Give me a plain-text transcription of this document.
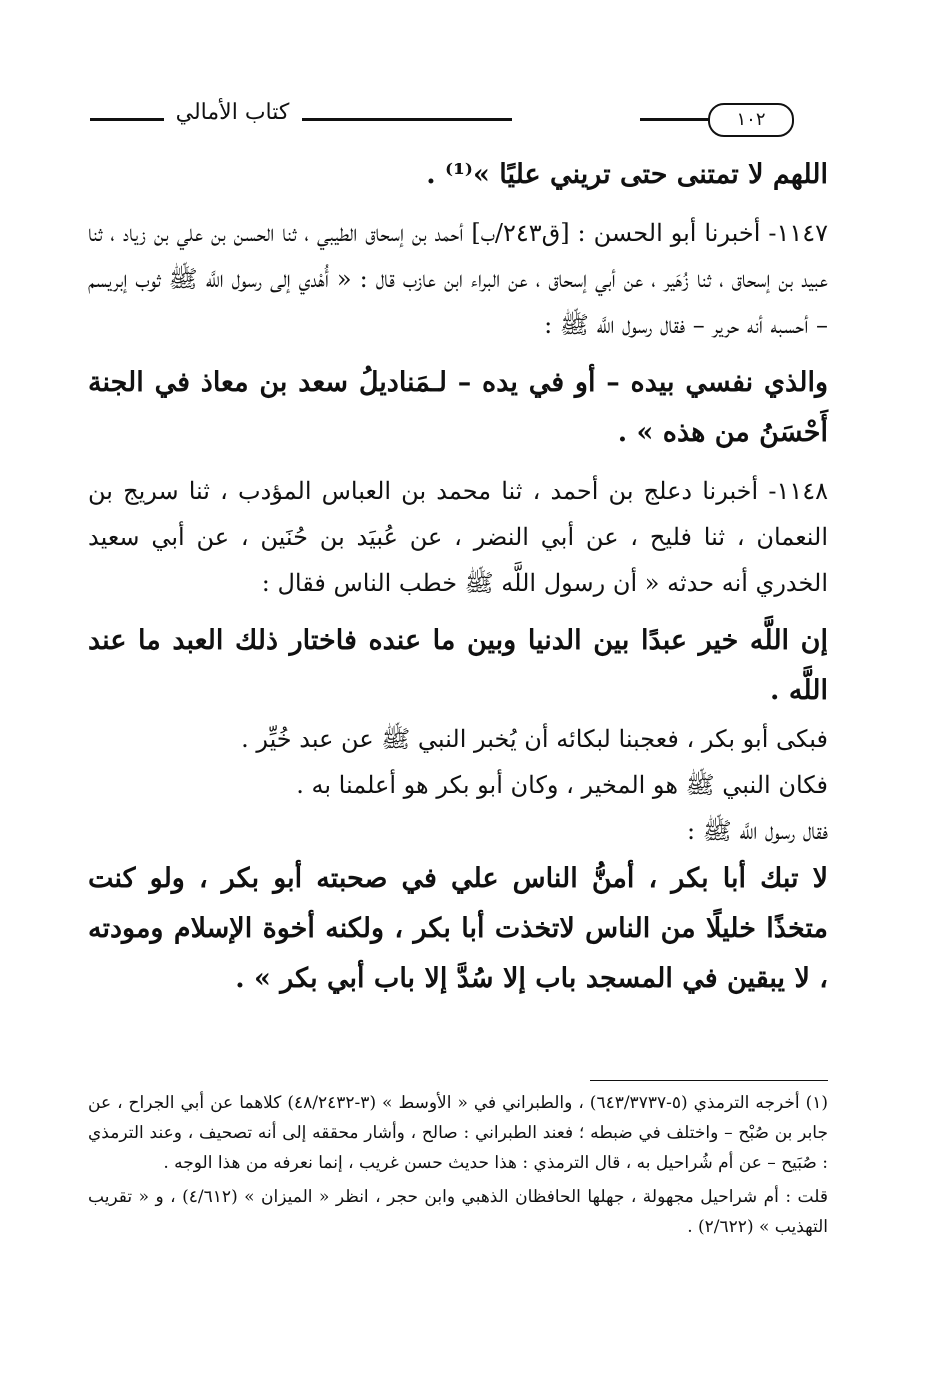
١٠٢
كتاب الأمالي

اللهم لا تمتنى حتى تريني عليًا »⁽¹⁾ .

١١٤٧- أخبرنا أبو الحسن : [ق٢٤٣/ب] أحمد بن إسحاق الطيبي ، ثنا الحسن بن علي بن زياد ، ثنا عبيد بن إسحاق ، ثنا زُهَير ، عن أبي إسحاق ، عن البراء ابن عازب قال : « أُهْدي إلى رسول اللَّه ﷺ ثوب إبريسم – أحسبه أنه حرير – فقال رسول اللَّه ﷺ :

والذي نفسي بيده – أو في يده – لـمَناديلُ سعد بن معاذ في الجنة أَحْسَنُ من هذه » .

١١٤٨- أخبرنا دعلج بن أحمد ، ثنا محمد بن العباس المؤدب ، ثنا سريج بن النعمان ، ثنا فليح ، عن أبي النضر ، عن عُبيَد بن حُنَين ، عن أبي سعيد الخدري أنه حدثه « أن رسول اللَّه ﷺ خطب الناس فقال :

إن اللَّه خير عبدًا بين الدنيا وبين ما عنده فاختار ذلك العبد ما عند اللَّه .

فبكى أبو بكر ، فعجبنا لبكائه أن يُخبر النبي ﷺ عن عبد خُيِّر .

فكان النبي ﷺ هو المخير ، وكان أبو بكر هو أعلمنا به .

فقال رسول اللَّه ﷺ :

لا تبك أبا بكر ، أمنُّ الناس علي في صحبته أبو بكر ، ولو كنت متخذًا خليلًا من الناس لاتخذت أبا بكر ، ولكنه أخوة الإسلام ومودته ، لا يبقين في المسجد باب إلا سُدَّ إلا باب أبي بكر » .

(١) أخرجه الترمذي (٥-٦٤٣/٣٧٣٧) ، والطبراني في « الأوسط » (٣-٤٨/٢٤٣٢) كلاهما عن أبي الجراح ، عن جابر بن صُبْح – واختلف في ضبطه ؛ فعند الطبراني : صالح ، وأشار محققه إلى أنه تصحيف ، وعند الترمذي : صُبَيح – عن أم شُراحيل به ، قال الترمذي : هذا حديث حسن غريب ، إنما نعرفه من هذا الوجه .

قلت : أم شراحيل مجهولة ، جهلها الحافظان الذهبي وابن حجر ، انظر « الميزان » (٤/٦١٢) ، و « تقريب التهذيب » (٢/٦٢٢) .
